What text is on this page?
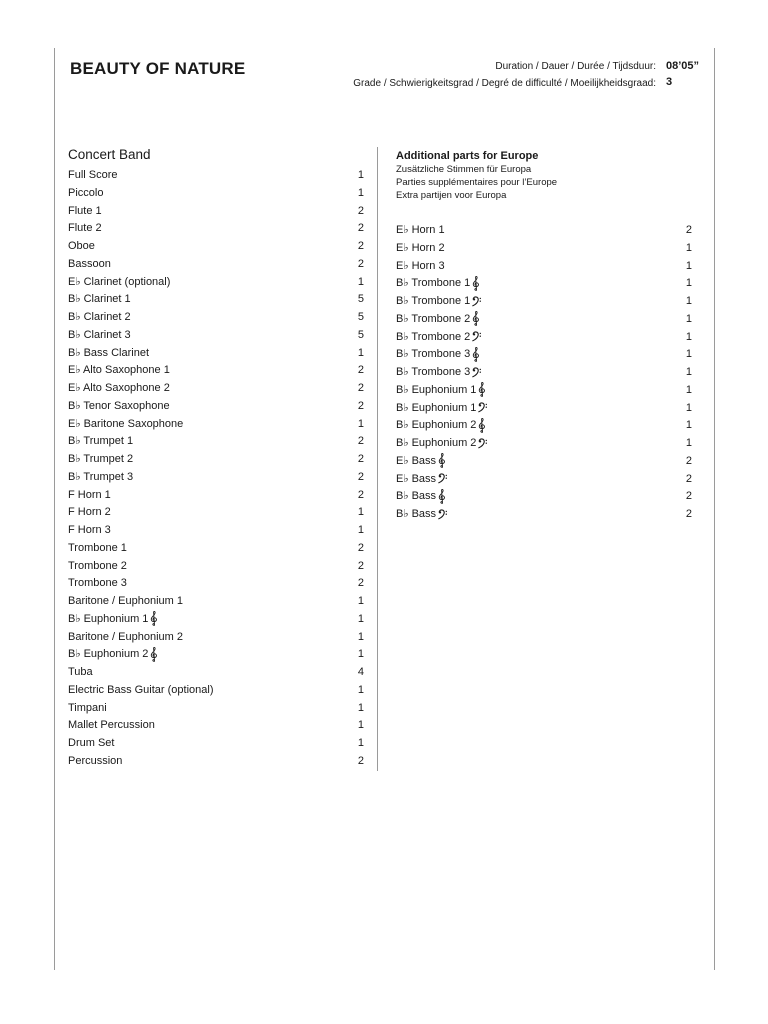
BEAUTY OF NATURE	Duration / Dauer / Durée / Tijdsduur:
Grade / Schwierigkeitsgrad / Degré de difficulté / Moeilijkheidsgraad:
08’05”
3
Concert Band
Full Score	1
Piccolo	1
Flute 1	2
Flute 2	2
Oboe	2
Bassoon	2
E♭ Clarinet (optional)	1
B♭ Clarinet 1	5
B♭ Clarinet 2	5
B♭ Clarinet 3	5
B♭ Bass Clarinet	1
E♭ Alto Saxophone 1	2
E♭ Alto Saxophone 2	2
B♭ Tenor Saxophone	2
E♭ Baritone Saxophone	1
B♭ Trumpet 1	2
B♭ Trumpet 2	2
B♭ Trumpet 3	2
F Horn 1	2
F Horn 2	1
F Horn 3	1
Trombone 1	2
Trombone 2	2
Trombone 3	2
Baritone / Euphonium 1	1
B♭ Euphonium 1	1
Baritone / Euphonium 2	1
B♭ Euphonium 2	1
Tuba	4
Electric Bass Guitar (optional)	1
Timpani	1
Mallet Percussion	1
Drum Set	1
Percussion	2
Additional parts for Europe

Zusätzliche Stimmen für Europa

Parties supplémentaires pour l’Europe

Extra partijen voor Europa

E♭ Horn 1	2
E♭ Horn 2	1
E♭ Horn 3	1
B♭ Trombone 1	1
B♭ Trombone 1	1
B♭ Trombone 2	1
B♭ Trombone 2	1
B♭ Trombone 3	1
B♭ Trombone 3	1
B♭ Euphonium 1	1
B♭ Euphonium 1	1
B♭ Euphonium 2	1
B♭ Euphonium 2	1
E♭ Bass	2
E♭ Bass	2
B♭ Bass	2
B♭ Bass	2
